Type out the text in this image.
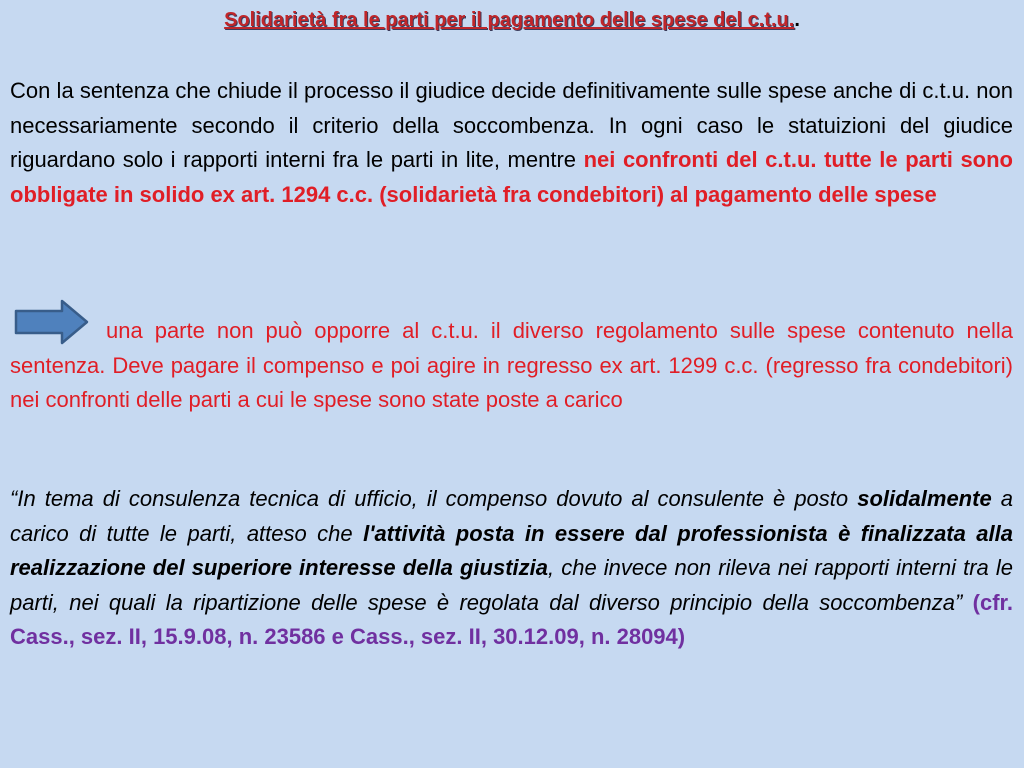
Solidarietà fra le parti per il pagamento delle spese del c.t.u..
Con la sentenza che chiude il processo il giudice decide definitivamente sulle spese anche di c.t.u. non necessariamente secondo il criterio della soccombenza. In ogni caso le statuizioni del giudice riguardano solo i rapporti interni fra le parti in lite, mentre nei confronti del c.t.u. tutte le parti sono obbligate in solido ex art. 1294 c.c. (solidarietà fra condebitori) al pagamento delle spese
una parte non può opporre al c.t.u. il diverso regolamento sulle spese contenuto nella sentenza. Deve pagare il compenso e poi agire in regresso ex art. 1299 c.c. (regresso fra condebitori) nei confronti delle parti a cui le spese sono state poste a carico
“In tema di consulenza tecnica di ufficio, il compenso dovuto al consulente è posto solidalmente a carico di tutte le parti, atteso che l'attività posta in essere dal professionista è finalizzata alla realizzazione del superiore interesse della giustizia, che invece non rileva nei rapporti interni tra le parti, nei quali la ripartizione delle spese è regolata dal diverso principio della soccombenza” (cfr. Cass., sez. II, 15.9.08, n. 23586 e Cass., sez. II, 30.12.09, n. 28094)
